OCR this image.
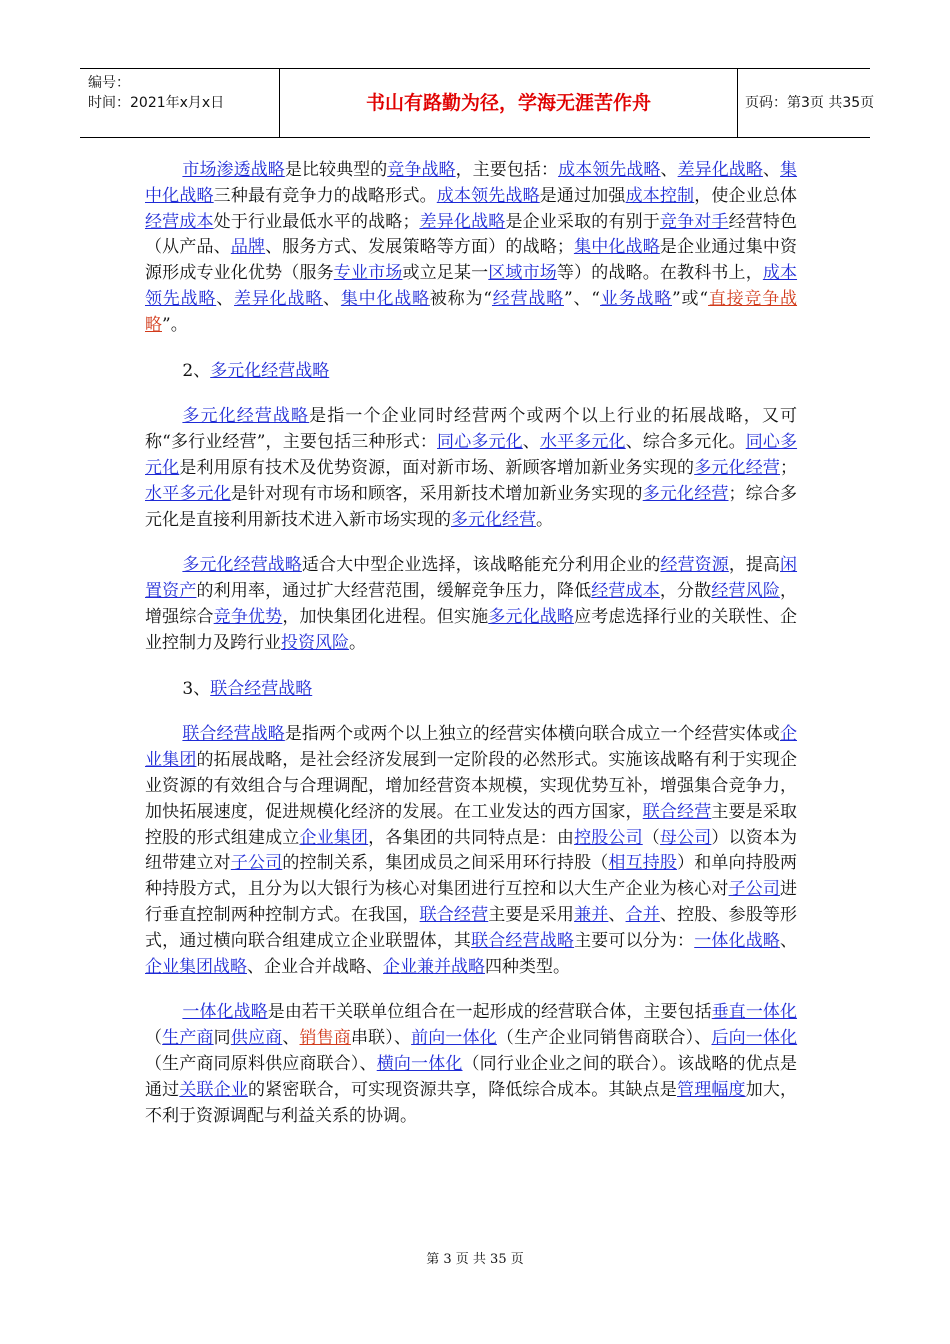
编号：
时间：2021年x月x日	书山有路勤为径，学海无涯苦作舟	页码：第3页 共35页

市场渗透战略是比较典型的竞争战略，主要包括：成本领先战略、差异化战略、集中化战略三种最有竞争力的战略形式。成本领先战略是通过加强成本控制，使企业总体经营成本处于行业最低水平的战略；差异化战略是企业采取的有别于竞争对手经营特色（从产品、品牌、服务方式、发展策略等方面）的战略；集中化战略是企业通过集中资源形成专业化优势（服务专业市场或立足某一区域市场等）的战略。在教科书上，成本领先战略、差异化战略、集中化战略被称为“经营战略”、“业务战略”或“直接竞争战略”。

2、多元化经营战略

多元化经营战略是指一个企业同时经营两个或两个以上行业的拓展战略，又可称“多行业经营”，主要包括三种形式：同心多元化、水平多元化、综合多元化。同心多元化是利用原有技术及优势资源，面对新市场、新顾客增加新业务实现的多元化经营；水平多元化是针对现有市场和顾客，采用新技术增加新业务实现的多元化经营；综合多元化是直接利用新技术进入新市场实现的多元化经营。

多元化经营战略适合大中型企业选择，该战略能充分利用企业的经营资源，提高闲置资产的利用率，通过扩大经营范围，缓解竞争压力，降低经营成本，分散经营风险，增强综合竞争优势，加快集团化进程。但实施多元化战略应考虑选择行业的关联性、企业控制力及跨行业投资风险。

3、联合经营战略

联合经营战略是指两个或两个以上独立的经营实体横向联合成立一个经营实体或企业集团的拓展战略，是社会经济发展到一定阶段的必然形式。实施该战略有利于实现企业资源的有效组合与合理调配，增加经营资本规模，实现优势互补，增强集合竞争力，加快拓展速度，促进规模化经济的发展。在工业发达的西方国家，联合经营主要是采取控股的形式组建成立企业集团，各集团的共同特点是：由控股公司（母公司）以资本为纽带建立对子公司的控制关系，集团成员之间采用环行持股（相互持股）和单向持股两种持股方式，且分为以大银行为核心对集团进行互控和以大生产企业为核心对子公司进行垂直控制两种控制方式。在我国，联合经营主要是采用兼并、合并、控股、参股等形式，通过横向联合组建成立企业联盟体，其联合经营战略主要可以分为：一体化战略、企业集团战略、企业合并战略、企业兼并战略四种类型。

一体化战略是由若干关联单位组合在一起形成的经营联合体，主要包括垂直一体化（生产商同供应商、销售商串联）、前向一体化（生产企业同销售商联合）、后向一体化（生产商同原料供应商联合）、横向一体化（同行业企业之间的联合）。该战略的优点是通过关联企业的紧密联合，可实现资源共享，降低综合成本。其缺点是管理幅度加大，不利于资源调配与利益关系的协调。

第 3 页 共 35 页
